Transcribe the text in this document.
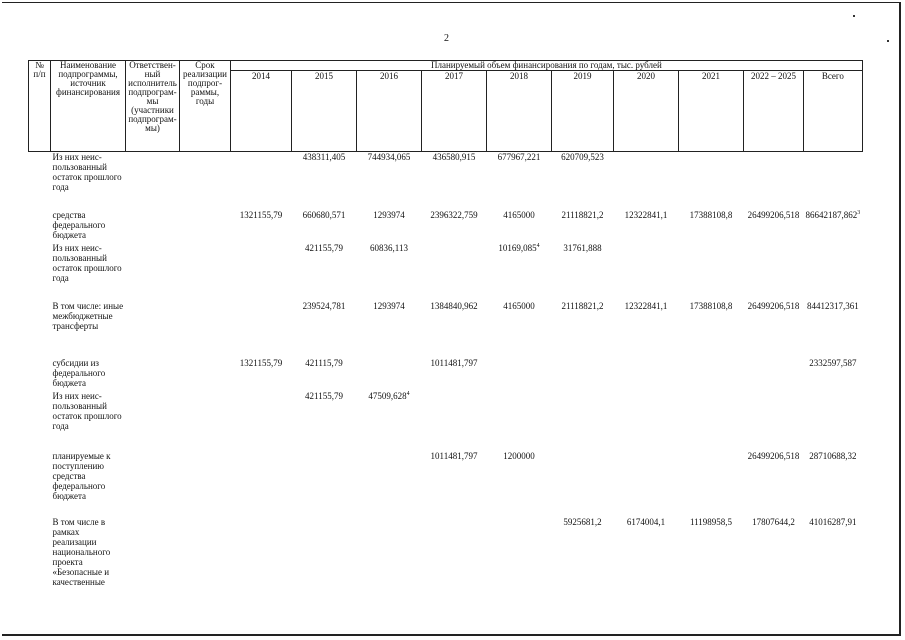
2
№ п/п	Наименование подпрограммы, источник финансирования	Ответствен-ный исполнитель подпрограм-мы (участники подпрограм-мы)	Срок реализации подпрог-раммы, годы	Планируемый объем финансирования по годам, тыс. рублей									
				2014	2015	2016	2017	2018	2019	2020	2021	2022 – 2025	Всего
	Из них неис-пользованный остаток прошлого года				438311,405	744934,065	436580,915	677967,221	620709,523				
	средства федерального бюджета			1321155,79	660680,571	1293974	2396322,759	4165000	21118821,2	12322841,1	17388108,8	26499206,518	86642187,862$^3$
	Из них неис-пользованный остаток прошлого года				421155,79	60836,113		10169,085$^4$	31761,888				
	В том числе: иные межбюджетные трансферты				239524,781	1293974	1384840,962	4165000	21118821,2	12322841,1	17388108,8	26499206,518	84412317,361
	субсидии из федерального бюджета			1321155,79	421115,79		1011481,797						2332597,587
	Из них неис-пользованный остаток прошлого года				421155,79	47509,628$^4$							
	планируемые к поступлению средства федерального бюджета						1011481,797	1200000				26499206,518	28710688,32
	В том числе в рамках реализации национального проекта «Безопасные и качественные								5925681,2	6174004,1	11198958,5	17807644,2	41016287,91
